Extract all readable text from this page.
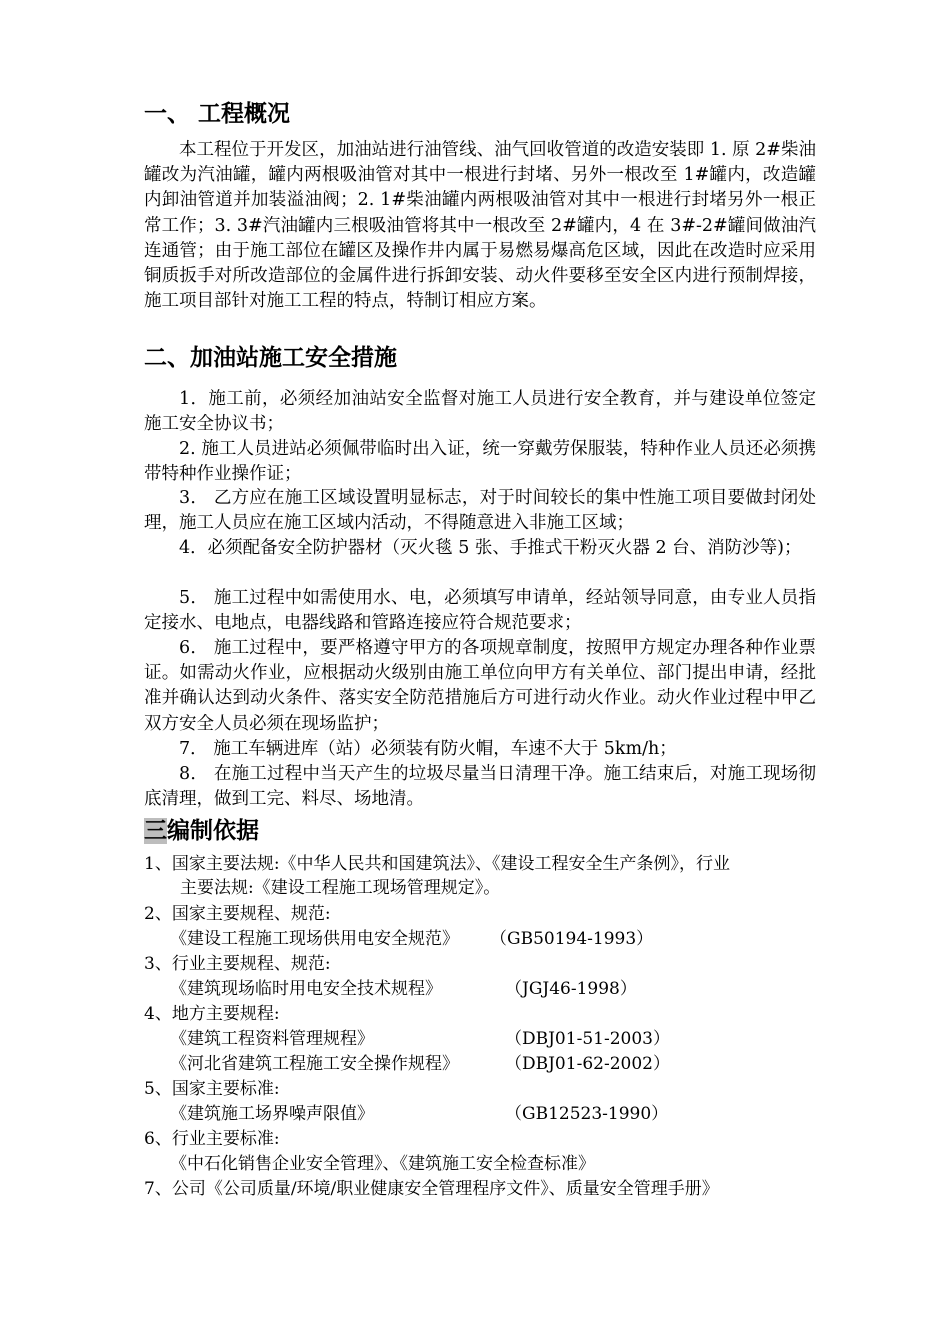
一、 工程概况

本工程位于开发区，加油站进行油管线、油气回收管道的改造安装即 1. 原 2#柴油罐改为汽油罐，罐内两根吸油管对其中一根进行封堵、另外一根改至 1#罐内，改造罐内卸油管道并加装溢油阀；2. 1#柴油罐内两根吸油管对其中一根进行封堵另外一根正常工作；3. 3#汽油罐内三根吸油管将其中一根改至 2#罐内，4 在 3#-2#罐间做油汽连通管；由于施工部位在罐区及操作井内属于易燃易爆高危区域，因此在改造时应采用铜质扳手对所改造部位的金属件进行拆卸安装、动火件要移至安全区内进行预制焊接， 施工项目部针对施工工程的特点，特制订相应方案。

二、加油站施工安全措施

1．施工前，必须经加油站安全监督对施工人员进行安全教育，并与建设单位签定施工安全协议书；

2. 施工人员进站必须佩带临时出入证，统一穿戴劳保服装，特种作业人员还必须携带特种作业操作证；

3． 乙方应在施工区域设置明显标志，对于时间较长的集中性施工项目要做封闭处理，施工人员应在施工区域内活动，不得随意进入非施工区域；

4．必须配备安全防护器材（灭火毯 5 张、手推式干粉灭火器 2 台、消防沙等)；

5． 施工过程中如需使用水、电，必须填写申请单，经站领导同意，由专业人员指定接水、电地点，电器线路和管路连接应符合规范要求；

6． 施工过程中，要严格遵守甲方的各项规章制度，按照甲方规定办理各种作业票证。如需动火作业，应根据动火级别由施工单位向甲方有关单位、部门提出申请，经批准并确认达到动火条件、落实安全防范措施后方可进行动火作业。动火作业过程中甲乙双方安全人员必须在现场监护；

7． 施工车辆进库（站）必须装有防火帽，车速不大于 5km/h；

8． 在施工过程中当天产生的垃圾尽量当日清理干净。施工结束后，对施工现场彻底清理，做到工完、料尽、场地清。

三编制依据
1、国家主要法规:《中华人民共和国建筑法》、《建设工程安全生产条例》，行业
主要法规:《建设工程施工现场管理规定》。
2、国家主要规程、规范:
《建设工程施工现场供用电安全规范》 （GB50194-1993）
3、行业主要规程、规范:
《建筑现场临时用电安全技术规程》	（JGJ46-1998）
4、地方主要规程:
《建筑工程资料管理规程》	（DBJ01-51-2003）
《河北省建筑工程施工安全操作规程》	（DBJ01-62-2002）
5、国家主要标准:
《建筑施工场界噪声限值》	（GB12523-1990）
6、行业主要标准:
《中石化销售企业安全管理》、《建筑施工安全检查标准》
7、公司《公司质量/环境/职业健康安全管理程序文件》、质量安全管理手册》
